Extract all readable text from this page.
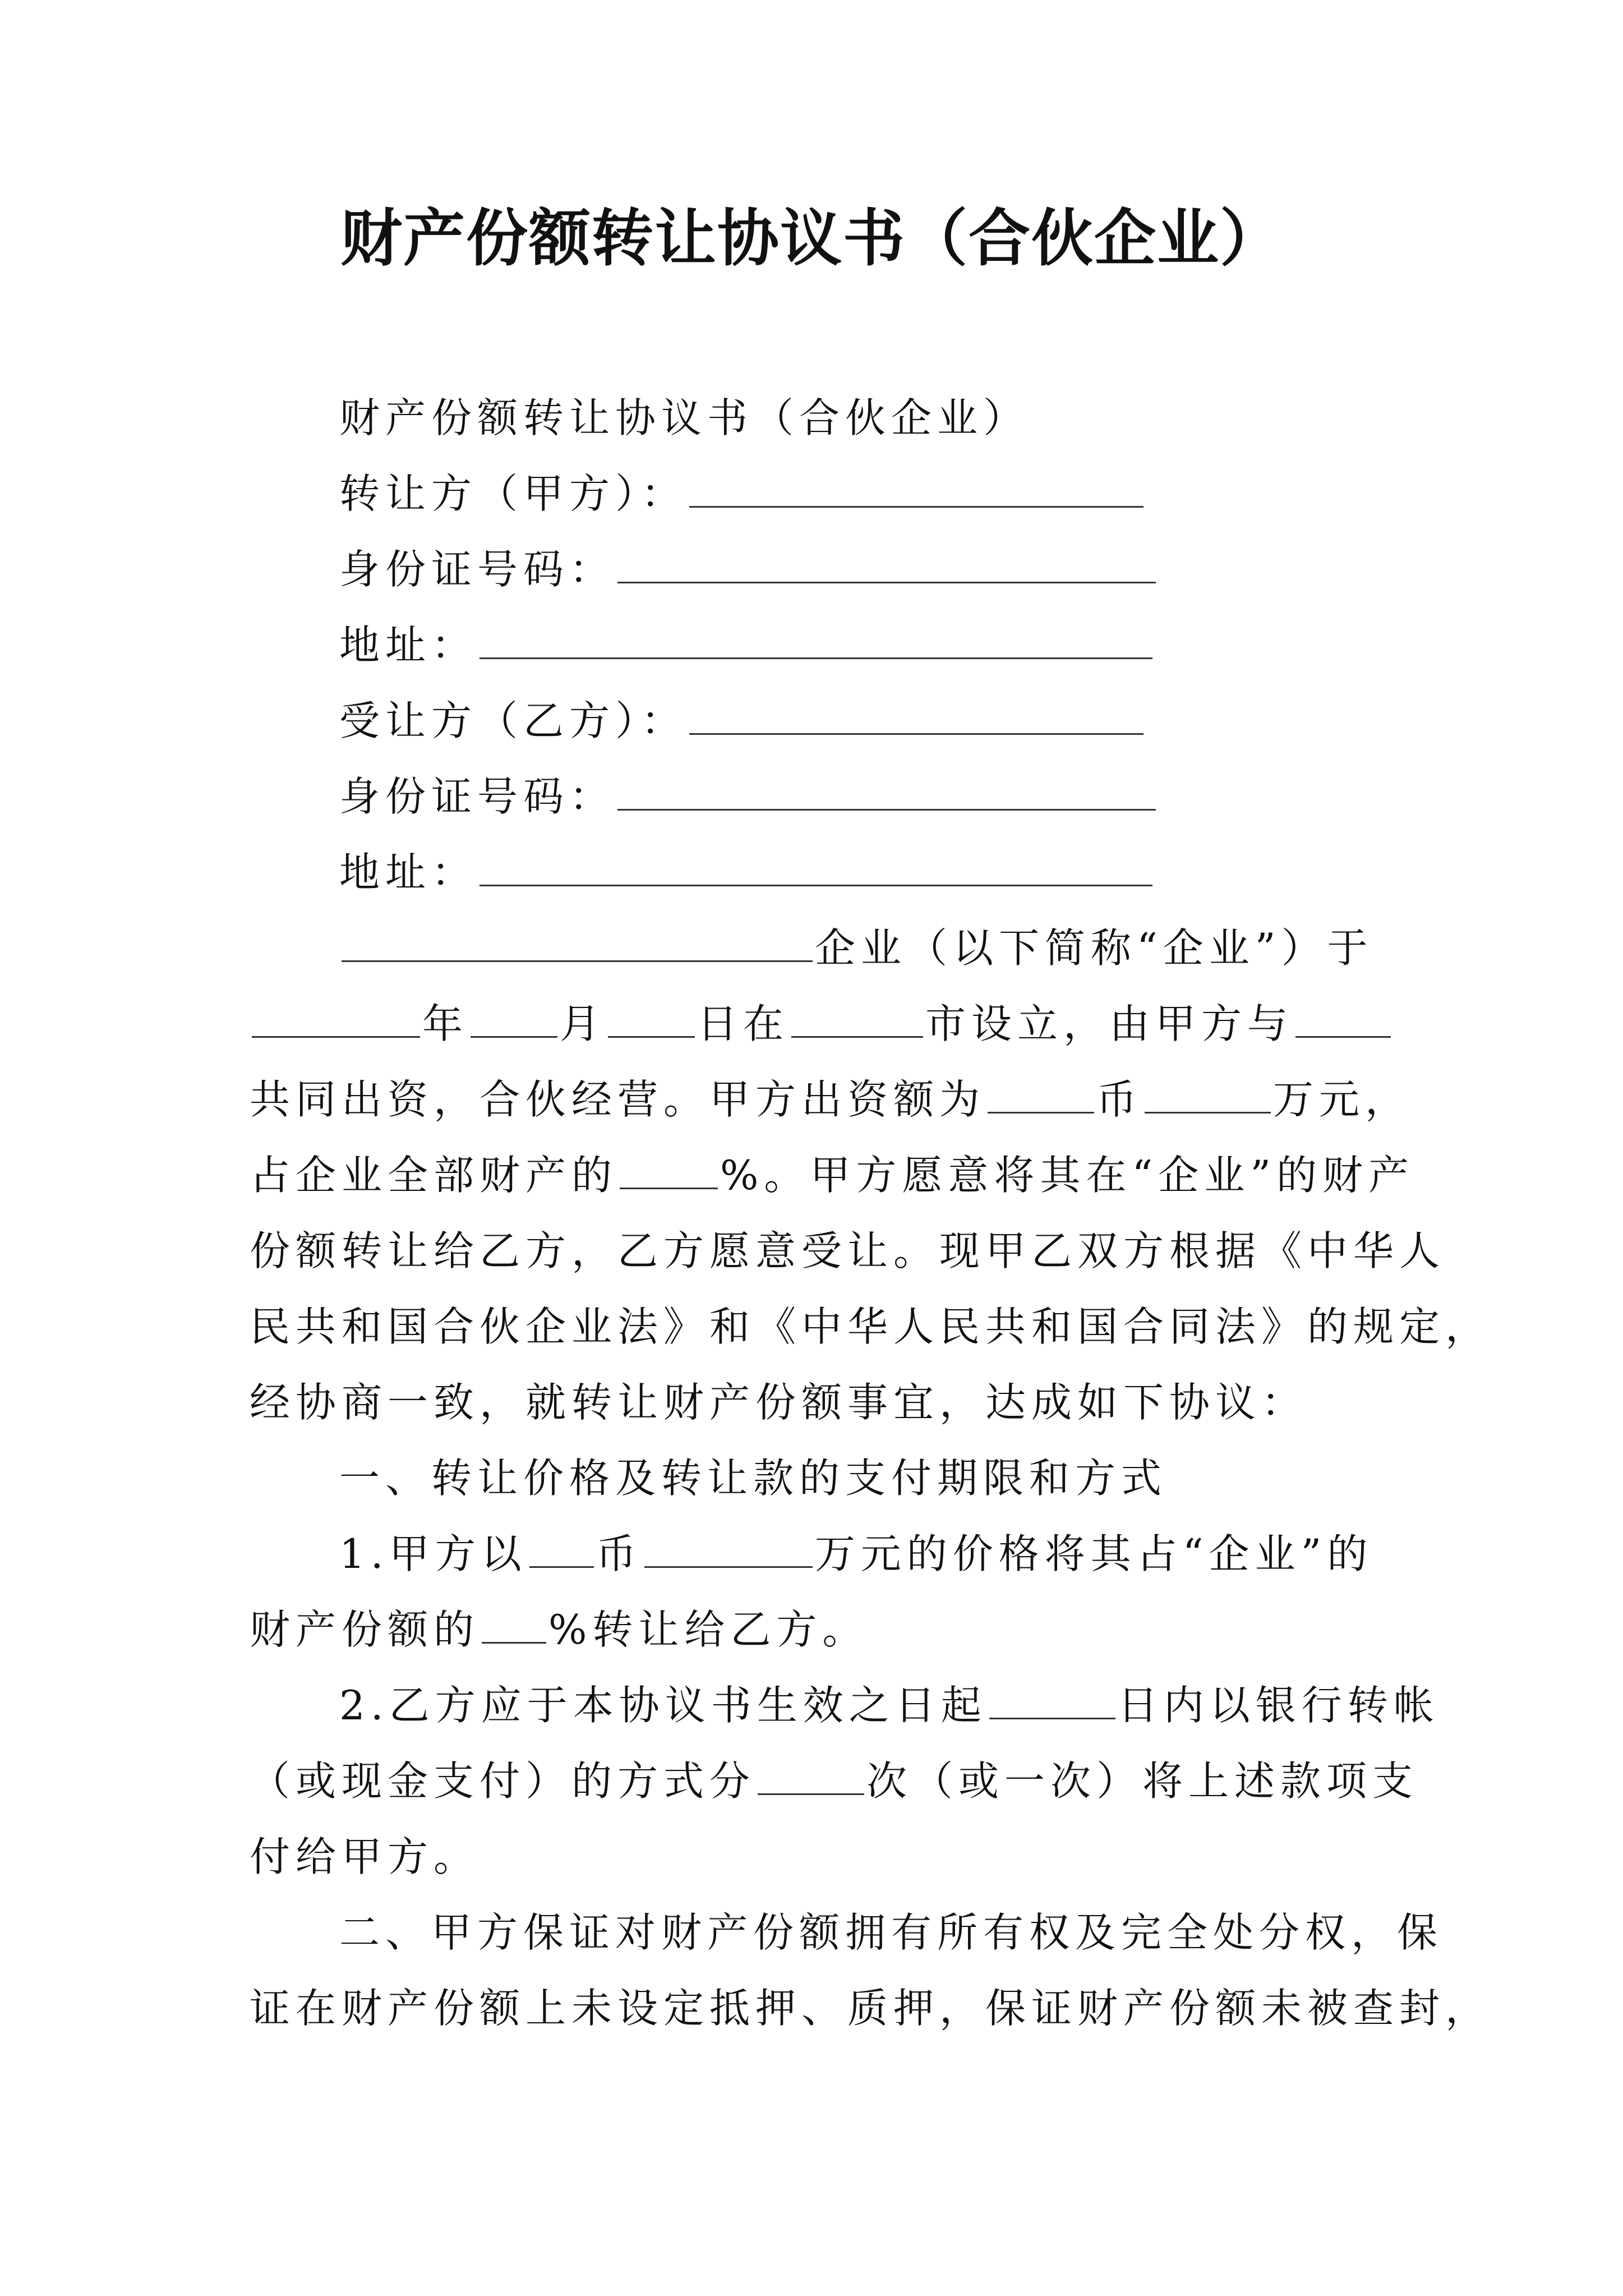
财产份额转让协议书（合伙企业）
财产份额转让协议书（合伙企业）
转让方（甲方）：
身份证号码：
地址：
受让方（乙方）：
身份证号码：
地址：
企业（以下简称“企业”）于
年 月 日在	市设立，由甲方与
共同出资，合伙经营。甲方出资额为	币	万元，
占企业全部财产的	%。甲方愿意将其在“企业”的财产
份额转让给乙方，乙方愿意受让。现甲乙双方根据《中华人
民共和国合伙企业法》和《中华人民共和国合同法》的规定，
经协商一致，就转让财产份额事宜，达成如下协议：
一、转让价格及转让款的支付期限和方式
1.甲方以 币	万元的价格将其占“企业”的
财产份额的 %转让给乙方。
2.乙方应于本协议书生效之日起	日内以银行转帐
（或现金支付）的方式分	次（或一次）将上述款项支
付给甲方。
二、甲方保证对财产份额拥有所有权及完全处分权，保
证在财产份额上未设定抵押、质押，保证财产份额未被查封，
